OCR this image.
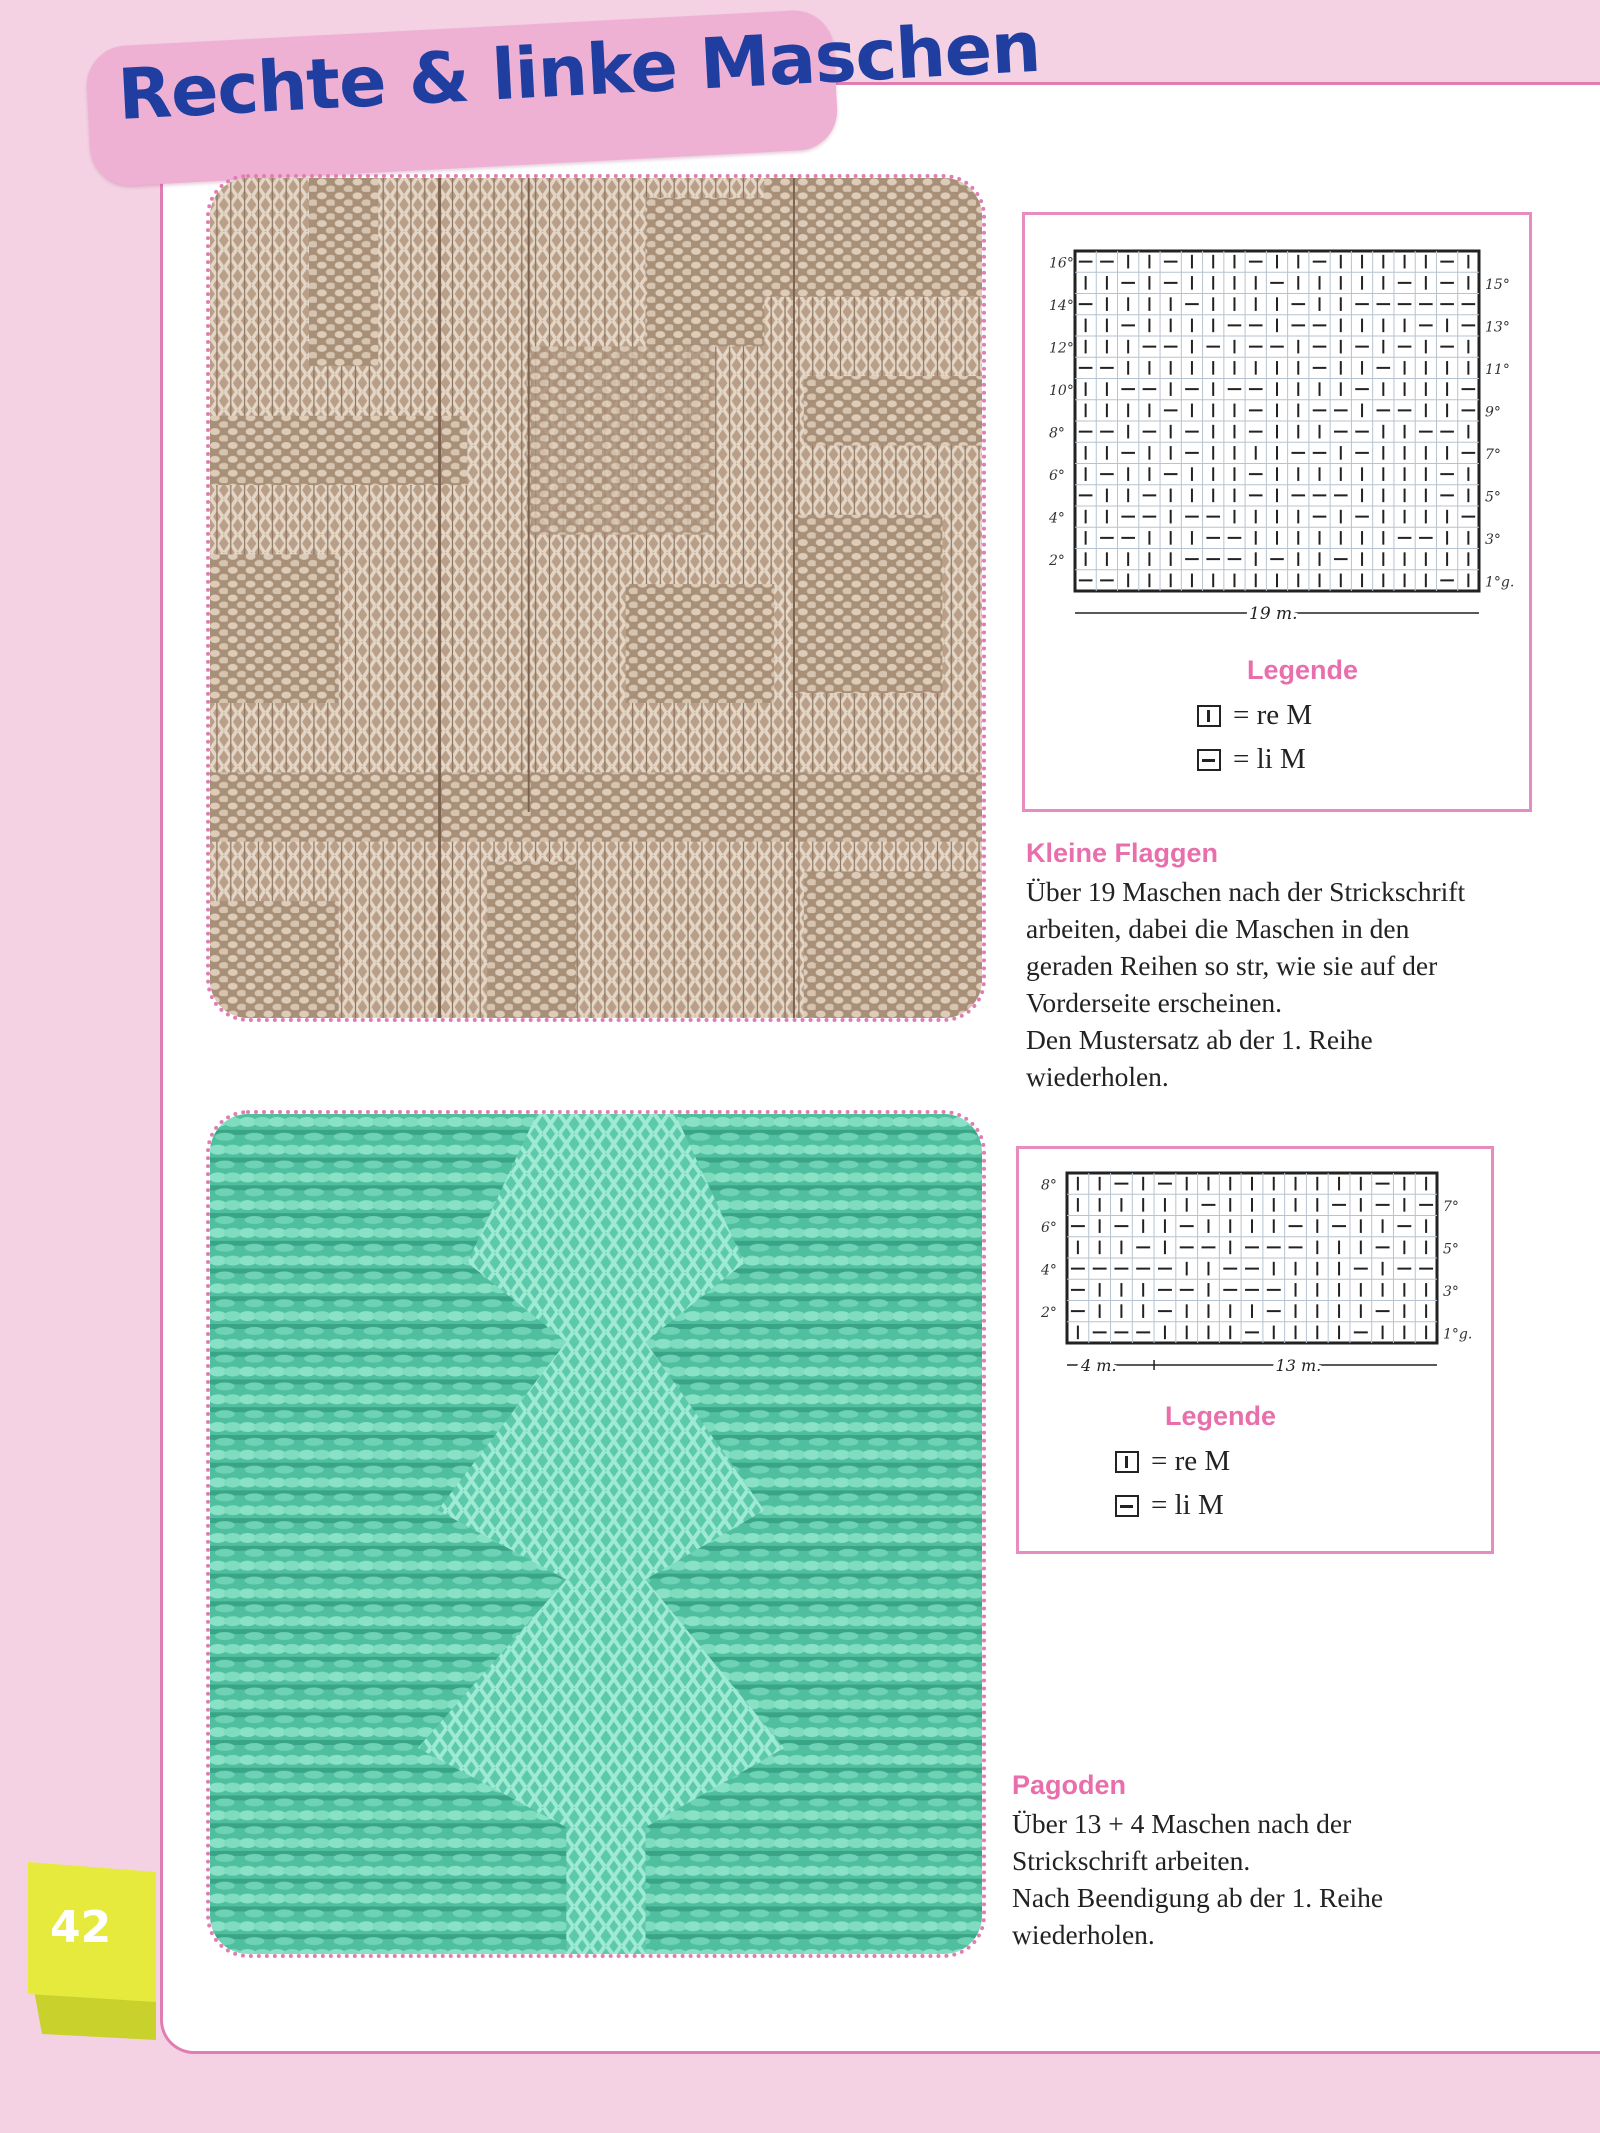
Rechte & linke Maschen
16°
14°
12°
10°
8°
6°
4°
2°
15°
13°
11°
9°
7°
5°
3°
1°g.
19 m.
Legende
= re M
= li M
Kleine Flaggen
Über 19 Maschen nach der Strickschrift
arbeiten, dabei die Maschen in den
geraden Reihen so str, wie sie auf der
Vorderseite erscheinen.
Den Mustersatz ab der 1. Reihe
wiederholen.
8°
6°
4°
2°
7°
5°
3°
1°g.
4 m.	13 m.
Legende
= re M
= li M
Pagoden
Über 13 + 4 Maschen nach der
Strickschrift arbeiten.
Nach Beendigung ab der 1. Reihe
wiederholen.
42
